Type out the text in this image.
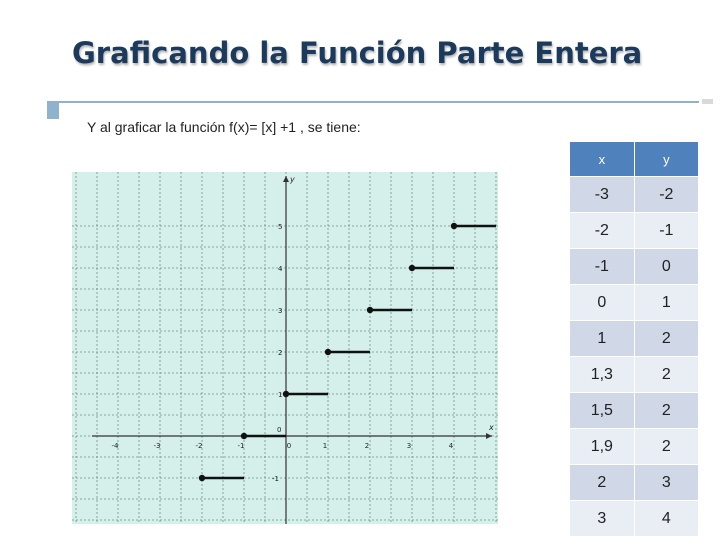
Graficando la Función Parte Entera
Y al graficar la función f(x)= [x] +1 , se tiene:
x
y
-4	-3	-2	-1	0	1	2	3	4
-1
0
1
2
3
4
5
x	y
-3	-2
-2	-1
-1	0
0	1
1	2
1,3	2
1,5	2
1,9	2
2	3
3	4
